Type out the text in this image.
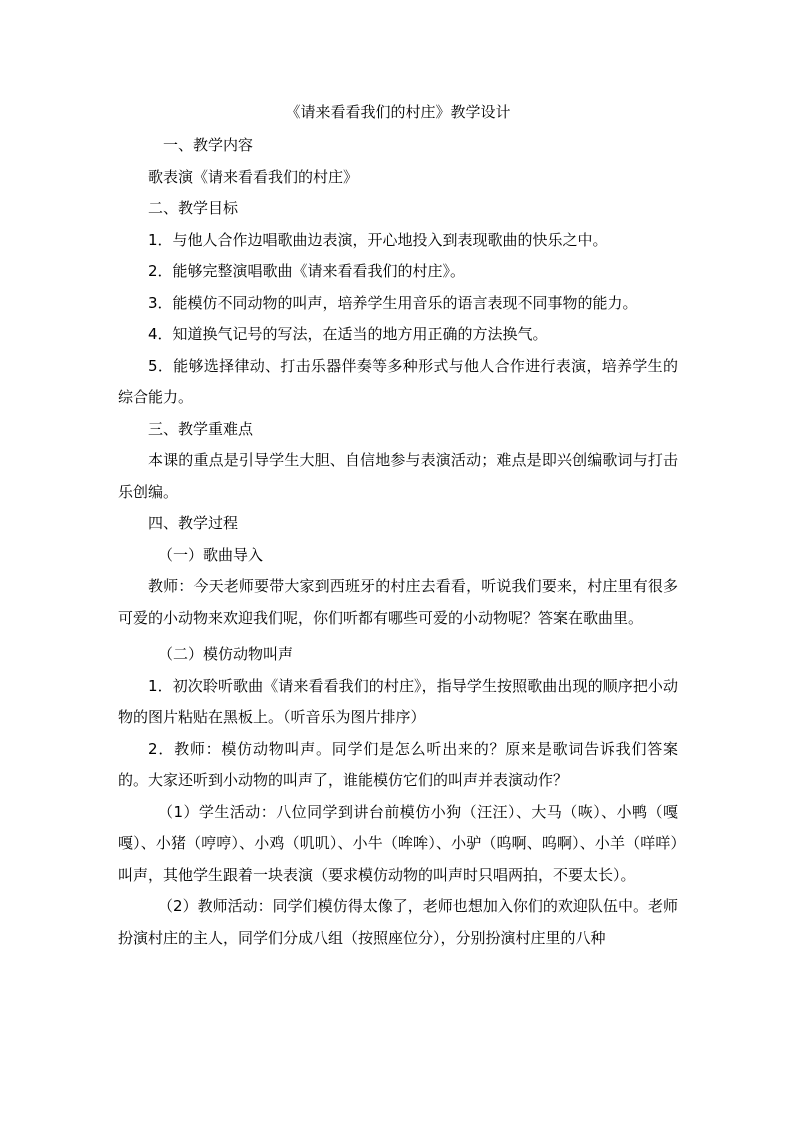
《请来看看我们的村庄》教学设计

一、教学内容

歌表演《请来看看我们的村庄》

二、教学目标

1．与他人合作边唱歌曲边表演，开心地投入到表现歌曲的快乐之中。

2．能够完整演唱歌曲《请来看看我们的村庄》。

3．能模仿不同动物的叫声，培养学生用音乐的语言表现不同事物的能力。

4．知道换气记号的写法，在适当的地方用正确的方法换气。

5．能够选择律动、打击乐器伴奏等多种形式与他人合作进行表演，培养学生的综合能力。

三、教学重难点

本课的重点是引导学生大胆、自信地参与表演活动；难点是即兴创编歌词与打击乐创编。

四、教学过程

（一）歌曲导入

教师：今天老师要带大家到西班牙的村庄去看看，听说我们要来，村庄里有很多可爱的小动物来欢迎我们呢，你们听都有哪些可爱的小动物呢？答案在歌曲里。

（二）模仿动物叫声

1．初次聆听歌曲《请来看看我们的村庄》，指导学生按照歌曲出现的顺序把小动物的图片粘贴在黑板上。（听音乐为图片排序）

2．教师：模仿动物叫声。同学们是怎么听出来的？原来是歌词告诉我们答案的。大家还听到小动物的叫声了，谁能模仿它们的叫声并表演动作？

（1）学生活动：八位同学到讲台前模仿小狗（汪汪）、大马（咴）、小鸭（嘎嘎）、小猪（哼哼）、小鸡（叽叽）、小牛（哞哞）、小驴（呜啊、呜啊）、小羊（咩咩）叫声，其他学生跟着一块表演（要求模仿动物的叫声时只唱两拍，不要太长）。

（2）教师活动：同学们模仿得太像了，老师也想加入你们的欢迎队伍中。老师扮演村庄的主人，同学们分成八组（按照座位分），分别扮演村庄里的八种
